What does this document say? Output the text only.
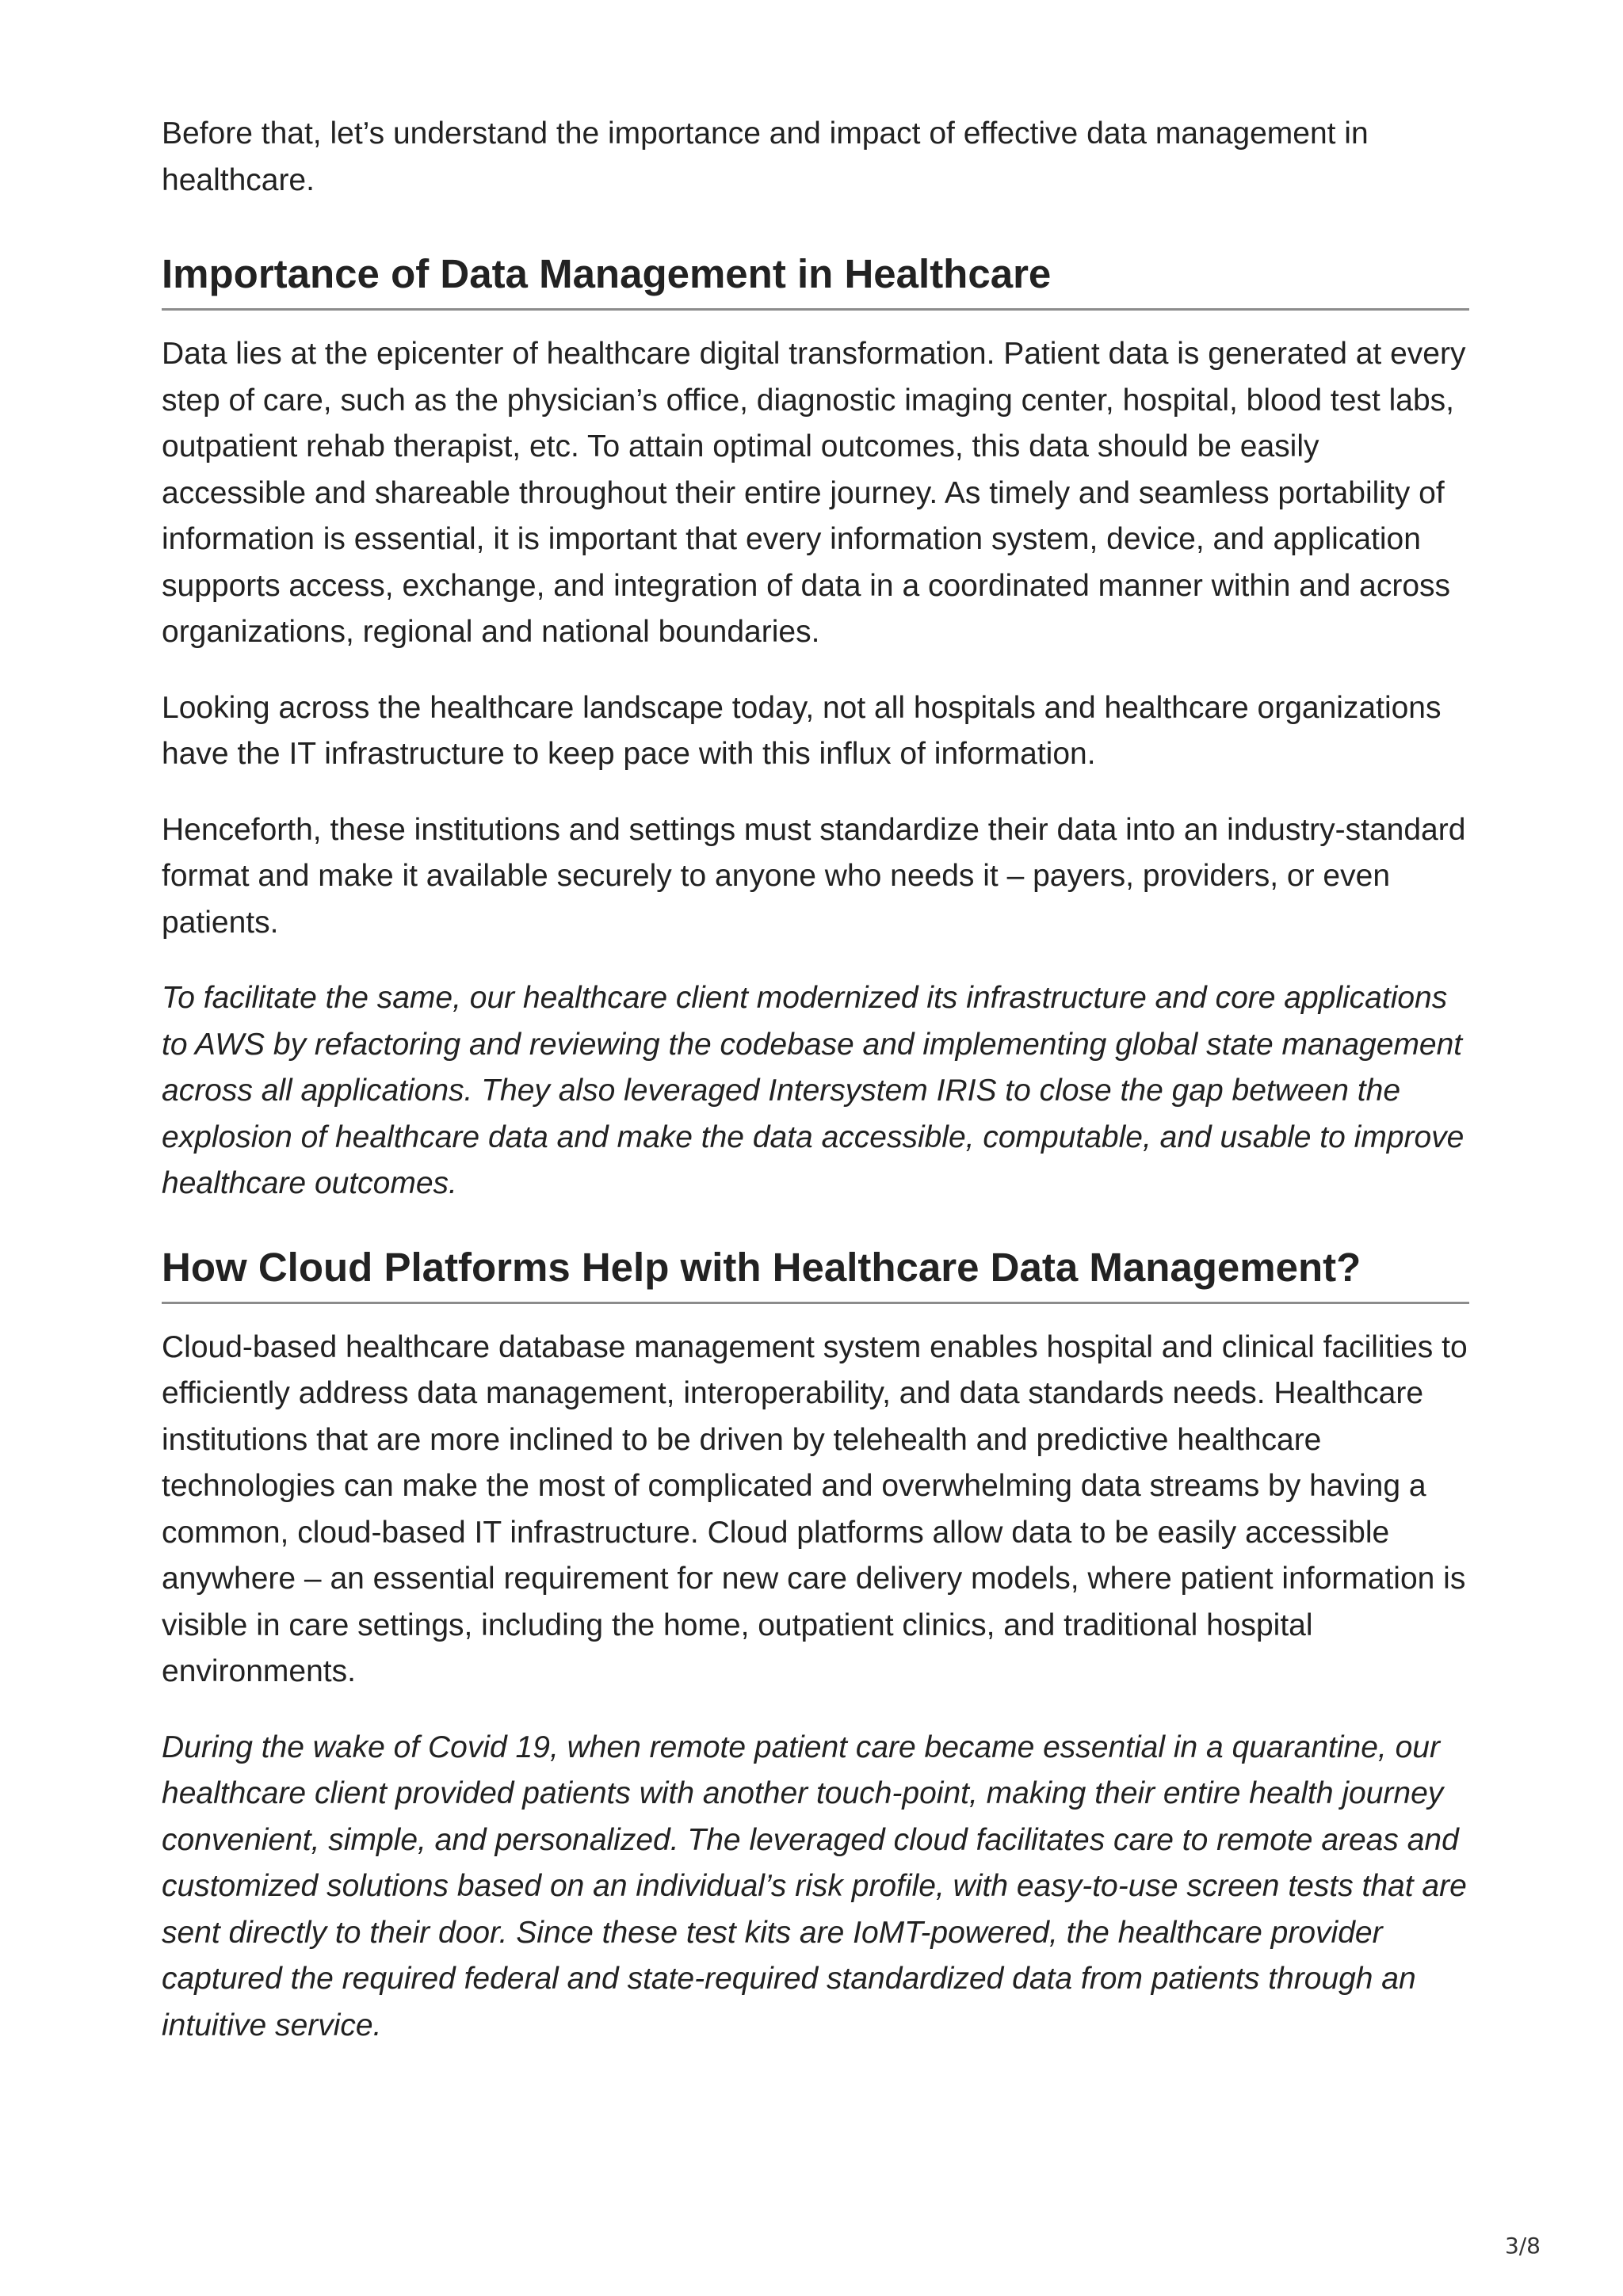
Before that, let’s understand the importance and impact of effective data management in healthcare.

Importance of Data Management in Healthcare

Data lies at the epicenter of healthcare digital transformation. Patient data is generated at every step of care, such as the physician’s office, diagnostic imaging center, hospital, blood test labs, outpatient rehab therapist, etc. To attain optimal outcomes, this data should be easily accessible and shareable throughout their entire journey. As timely and seamless portability of information is essential, it is important that every information system, device, and application supports access, exchange, and integration of data in a coordinated manner within and across organizations, regional and national boundaries.

Looking across the healthcare landscape today, not all hospitals and healthcare organizations have the IT infrastructure to keep pace with this influx of information.

Henceforth, these institutions and settings must standardize their data into an industry-standard format and make it available securely to anyone who needs it – payers, providers, or even patients.

To facilitate the same, our healthcare client modernized its infrastructure and core applications to AWS by refactoring and reviewing the codebase and implementing global state management across all applications. They also leveraged Intersystem IRIS to close the gap between the explosion of healthcare data and make the data accessible, computable, and usable to improve healthcare outcomes.

How Cloud Platforms Help with Healthcare Data Management?

Cloud-based healthcare database management system enables hospital and clinical facilities to efficiently address data management, interoperability, and data standards needs. Healthcare institutions that are more inclined to be driven by telehealth and predictive healthcare technologies can make the most of complicated and overwhelming data streams by having a common, cloud-based IT infrastructure. Cloud platforms allow data to be easily accessible anywhere – an essential requirement for new care delivery models, where patient information is visible in care settings, including the home, outpatient clinics, and traditional hospital environments.

During the wake of Covid 19, when remote patient care became essential in a quarantine, our healthcare client provided patients with another touch-point, making their entire health journey convenient, simple, and personalized. The leveraged cloud facilitates care to remote areas and customized solutions based on an individual’s risk profile, with easy-to-use screen tests that are sent directly to their door. Since these test kits are IoMT-powered, the healthcare provider captured the required federal and state-required standardized data from patients through an intuitive service.

3/8
